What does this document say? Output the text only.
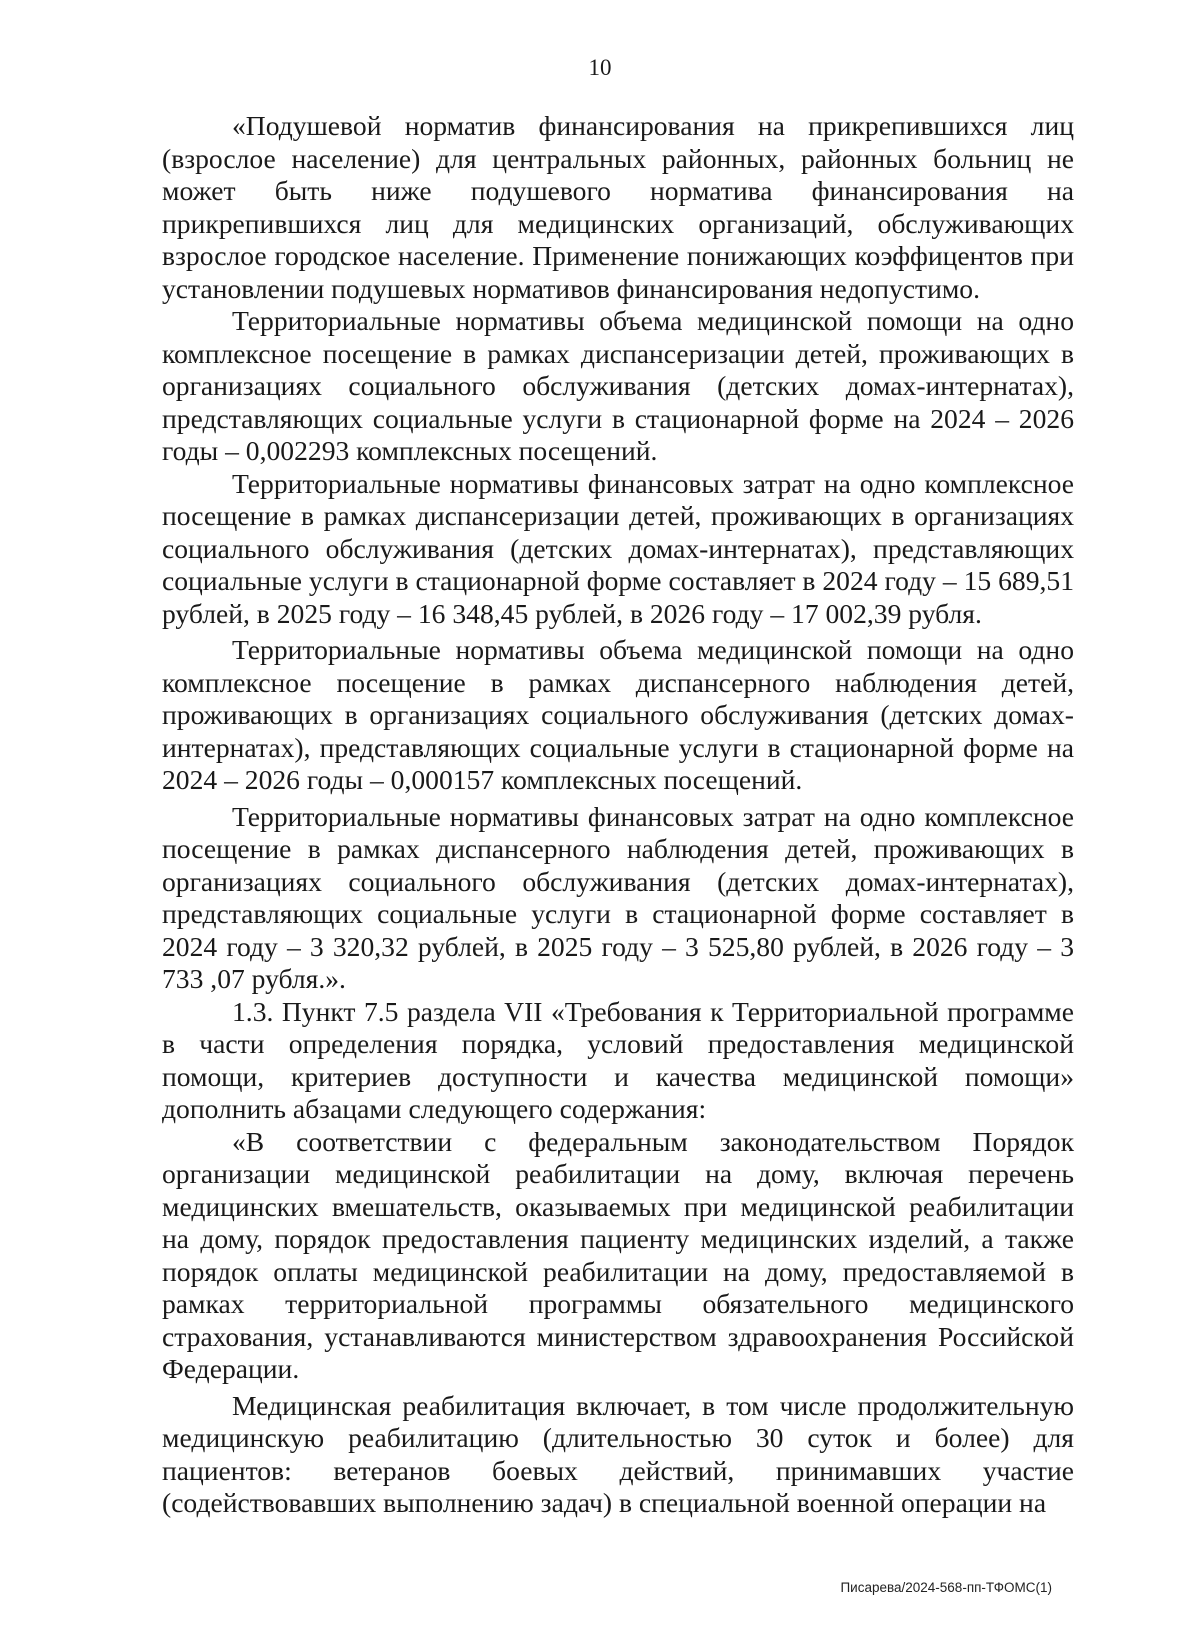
10

«Подушевой норматив финансирования на прикрепившихся лиц (взрослое население) для центральных районных, районных больниц не может быть ниже подушевого норматива финансирования на прикрепившихся лиц для медицинских организаций, обслуживающих взрослое городское население. Применение понижающих коэффицентов при установлении подушевых нормативов финансирования недопустимо.

Территориальные нормативы объема медицинской помощи на одно комплексное посещение в рамках диспансеризации детей, проживающих в организациях социального обслуживания (детских домах-интернатах), представляющих социальные услуги в стационарной форме на 2024 – 2026 годы – 0,002293 комплексных посещений.

Территориальные нормативы финансовых затрат на одно комплексное посещение в рамках диспансеризации детей, проживающих в организациях социального обслуживания (детских домах-интернатах), представляющих социальные услуги в стационарной форме составляет в 2024 году – 15 689,51 рублей, в 2025 году – 16 348,45 рублей, в 2026 году – 17 002,39 рубля.

Территориальные нормативы объема медицинской помощи на одно комплексное посещение в рамках диспансерного наблюдения детей, проживающих в организациях социального обслуживания (детских домах-интернатах), представляющих социальные услуги в стационарной форме на 2024 – 2026 годы – 0,000157 комплексных посещений.

Территориальные нормативы финансовых затрат на одно комплексное посещение в рамках диспансерного наблюдения детей, проживающих в организациях социального обслуживания (детских домах-интернатах), представляющих социальные услуги в стационарной форме составляет в 2024 году – 3 320,32 рублей, в 2025 году – 3 525,80 рублей, в 2026 году – 3 733 ,07 рубля.».

1.3. Пункт 7.5 раздела VII «Требования к Территориальной программе в части определения порядка, условий предоставления медицинской помощи, критериев доступности и качества медицинской помощи» дополнить абзацами следующего содержания:

«В соответствии с федеральным законодательством Порядок организации медицинской реабилитации на дому, включая перечень медицинских вмешательств, оказываемых при медицинской реабилитации на дому, порядок предоставления пациенту медицинских изделий, а также порядок оплаты медицинской реабилитации на дому, предоставляемой в рамках территориальной программы обязательного медицинского страхования, устанавливаются министерством здравоохранения Российской Федерации.

Медицинская реабилитация включает, в том числе продолжительную медицинскую реабилитацию (длительностью 30 суток и более) для пациентов: ветеранов боевых действий, принимавших участие (содействовавших выполнению задач) в специальной военной операции на

Писарева/2024-568-пп-ТФОМС(1)
